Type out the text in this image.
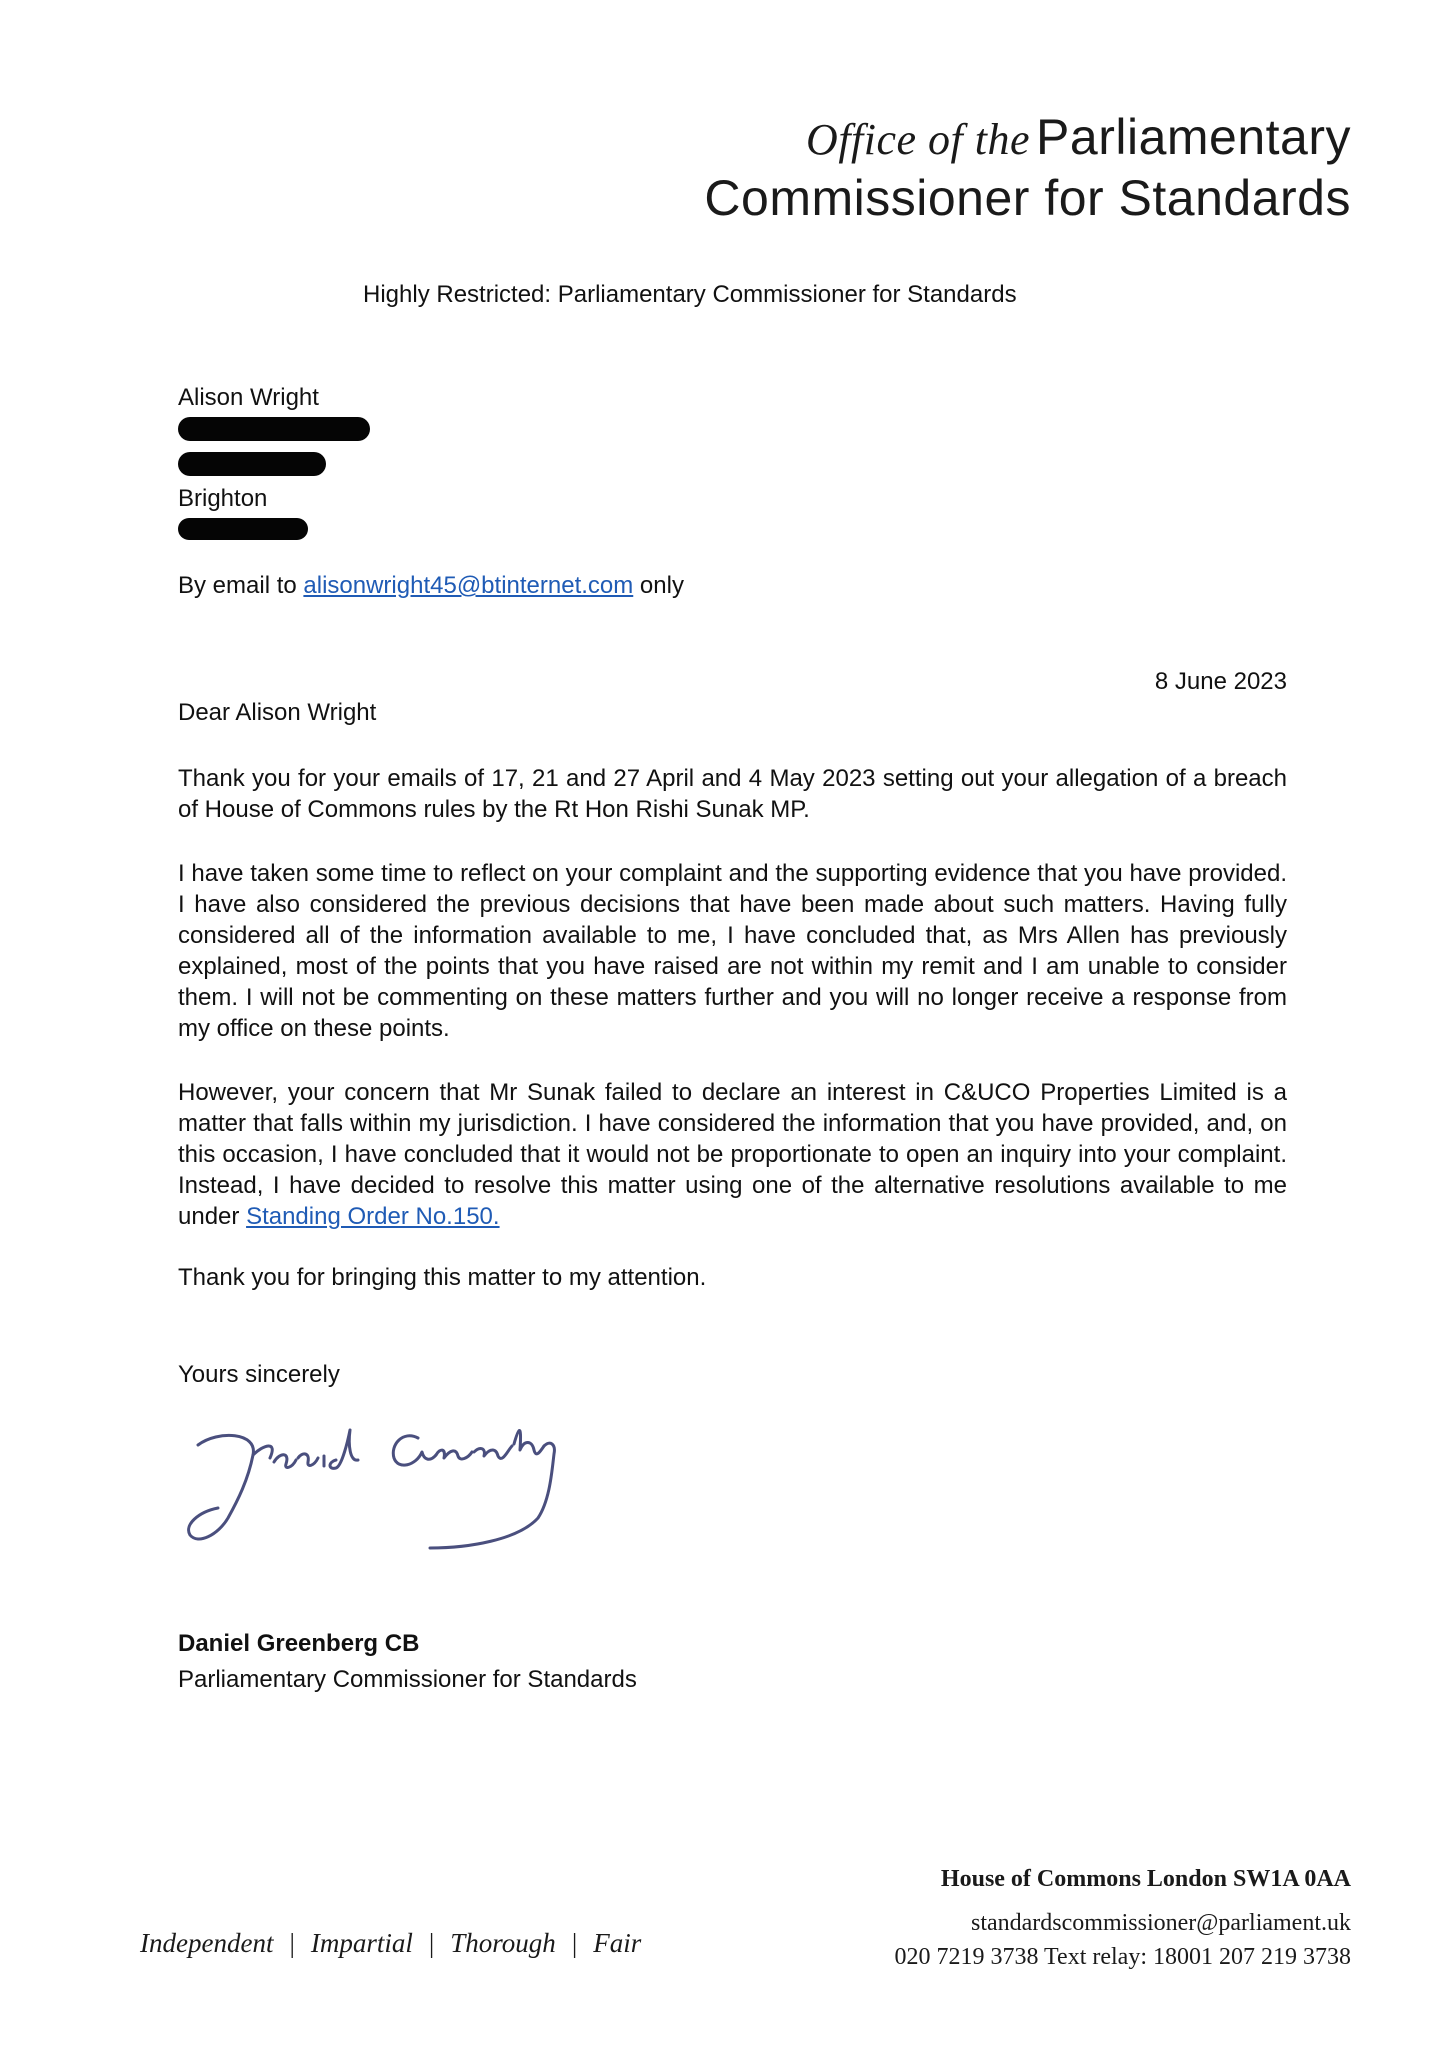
Office of the Parliamentary
Commissioner for Standards
Highly Restricted: Parliamentary Commissioner for Standards
Alison Wright
Brighton
By email to alisonwright45@btinternet.com only
8 June 2023
Dear Alison Wright
Thank you for your emails of 17, 21 and 27 April and 4 May 2023 setting out your allegation of a breach of House of Commons rules by the Rt Hon Rishi Sunak MP.
I have taken some time to reflect on your complaint and the supporting evidence that you have provided. I have also considered the previous decisions that have been made about such matters. Having fully considered all of the information available to me, I have concluded that, as Mrs Allen has previously explained, most of the points that you have raised are not within my remit and I am unable to consider them. I will not be commenting on these matters further and you will no longer receive a response from my office on these points.
However, your concern that Mr Sunak failed to declare an interest in C&UCO Properties Limited is a matter that falls within my jurisdiction. I have considered the information that you have provided, and, on this occasion, I have concluded that it would not be proportionate to open an inquiry into your complaint. Instead, I have decided to resolve this matter using one of the alternative resolutions available to me under Standing Order No.150.
Thank you for bringing this matter to my attention.
Yours sincerely
Daniel Greenberg CB
Parliamentary Commissioner for Standards
House of Commons London SW1A 0AA
standardscommissioner@parliament.uk
020 7219 3738 Text relay: 18001 207 219 3738
Independent | Impartial | Thorough | Fair
